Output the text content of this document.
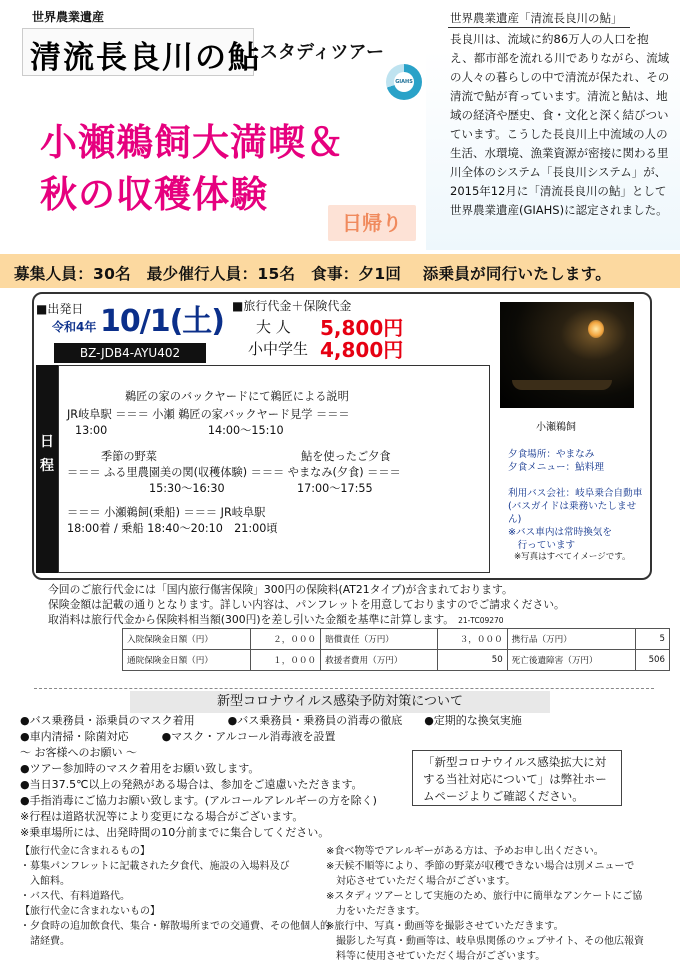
世界農業遺産
清流長良川の鮎 スタディツアー
GIAHS
小瀬鵜飼大満喫＆
秋の収穫体験
日帰り
世界農業遺産「清流長良川の鮎」
長良川は、流域に約86万人の人口を抱え、都市部を流れる川でありながら、流域の人々の暮らしの中で清流が保たれ、その清流で鮎が育っています。清流と鮎は、地域の経済や歴史、食・文化と深く結びついています。こうした長良川上中流域の人の生活、水環境、漁業資源が密接に関わる里川全体のシステム「長良川システム」が、2015年12月に「清流長良川の鮎」として世界農業遺産(GIAHS)に認定されました。
募集人員：30名　最少催行人員：15名　食事：夕1回　 添乗員が同行いたします。
■出発日
令和4年 10/1(土) ■旅行代金＋保険代金
大 人 5,800円
小中学生 4,800円
BZ-JDB4-AYU402
日程
鵜匠の家のバックヤードにて鵜匠による説明
JR岐阜駅 ＝＝＝ 小瀬 鵜匠の家バックヤード見学 ＝＝＝
13:00　　　　　　　　　14:00～15:10
季節の野菜	鮎を使ったご夕食
＝＝＝ ふる里農園美の関(収穫体験) ＝＝＝ やまなみ(夕食) ＝＝＝
15:30～16:30	17:00～17:55
＝＝＝ 小瀬鵜飼(乗船) ＝＝＝ JR岐阜駅
18:00着 / 乗船 18:40～20:10　21:00頃
小瀬鵜飼
夕食場所：やまなみ
夕食メニュー：鮎料理
利用バス会社：岐阜乗合自動車
(バスガイドは乗務いたしません)
※バス車内は常時換気を
　行っています
※写真はすべてイメージです。
今回のご旅行代金には「国内旅行傷害保険」300円の保険料(AT21タイプ)が含まれております。
保険金額は記載の通りとなります。詳しい内容は、パンフレットを用意しておりますのでご請求ください。
取消料は旅行代金から保険料相当額(300円)を差し引いた金額を基準に計算します。 21-TC09270
入院保険金日額（円）	２，０００	賠償責任（万円）	３，０００	携行品（万円）	5
通院保険金日額（円）	１，０００	救援者費用（万円）	50	死亡後遺障害（万円）	506
新型コロナウイルス感染予防対策について
●バス乗務員・添乗員のマスク着用　　　●バス乗務員・乗務員の消毒の徹底　　●定期的な換気実施
●車内清掃・除菌対応　　　●マスク・アルコール消毒液を設置
～ お客様へのお願い ～
●ツアー参加時のマスク着用をお願い致します。
●当日37.5℃以上の発熱がある場合は、参加をご遠慮いただきます。
●手指消毒にご協力お願い致します。(アルコールアレルギーの方を除く)
※行程は道路状況等により変更になる場合がございます。
※乗車場所には、出発時間の10分前までに集合してください。
「新型コロナウイルス感染拡大に対する当社対応について」は弊社ホームページよりご確認ください。
【旅行代金に含まれるもの】
・募集パンフレットに記載された夕食代、施設の入場料及び
　入館料。
・バス代、有料道路代。
【旅行代金に含まれないもの】
・夕食時の追加飲食代、集合・解散場所までの交通費、その他個人的
　諸経費。
※食べ物等でアレルギーがある方は、予めお申し出ください。
※天候不順等により、季節の野菜が収穫できない場合は別メニューで
　対応させていただく場合がございます。
※スタディツアーとして実施のため、旅行中に簡単なアンケートにご協
　力をいただきます。
※旅行中、写真・動画等を撮影させていただきます。
　撮影した写真・動画等は、岐阜県関係のウェブサイト、その他広報資
　料等に使用させていただく場合がございます。
